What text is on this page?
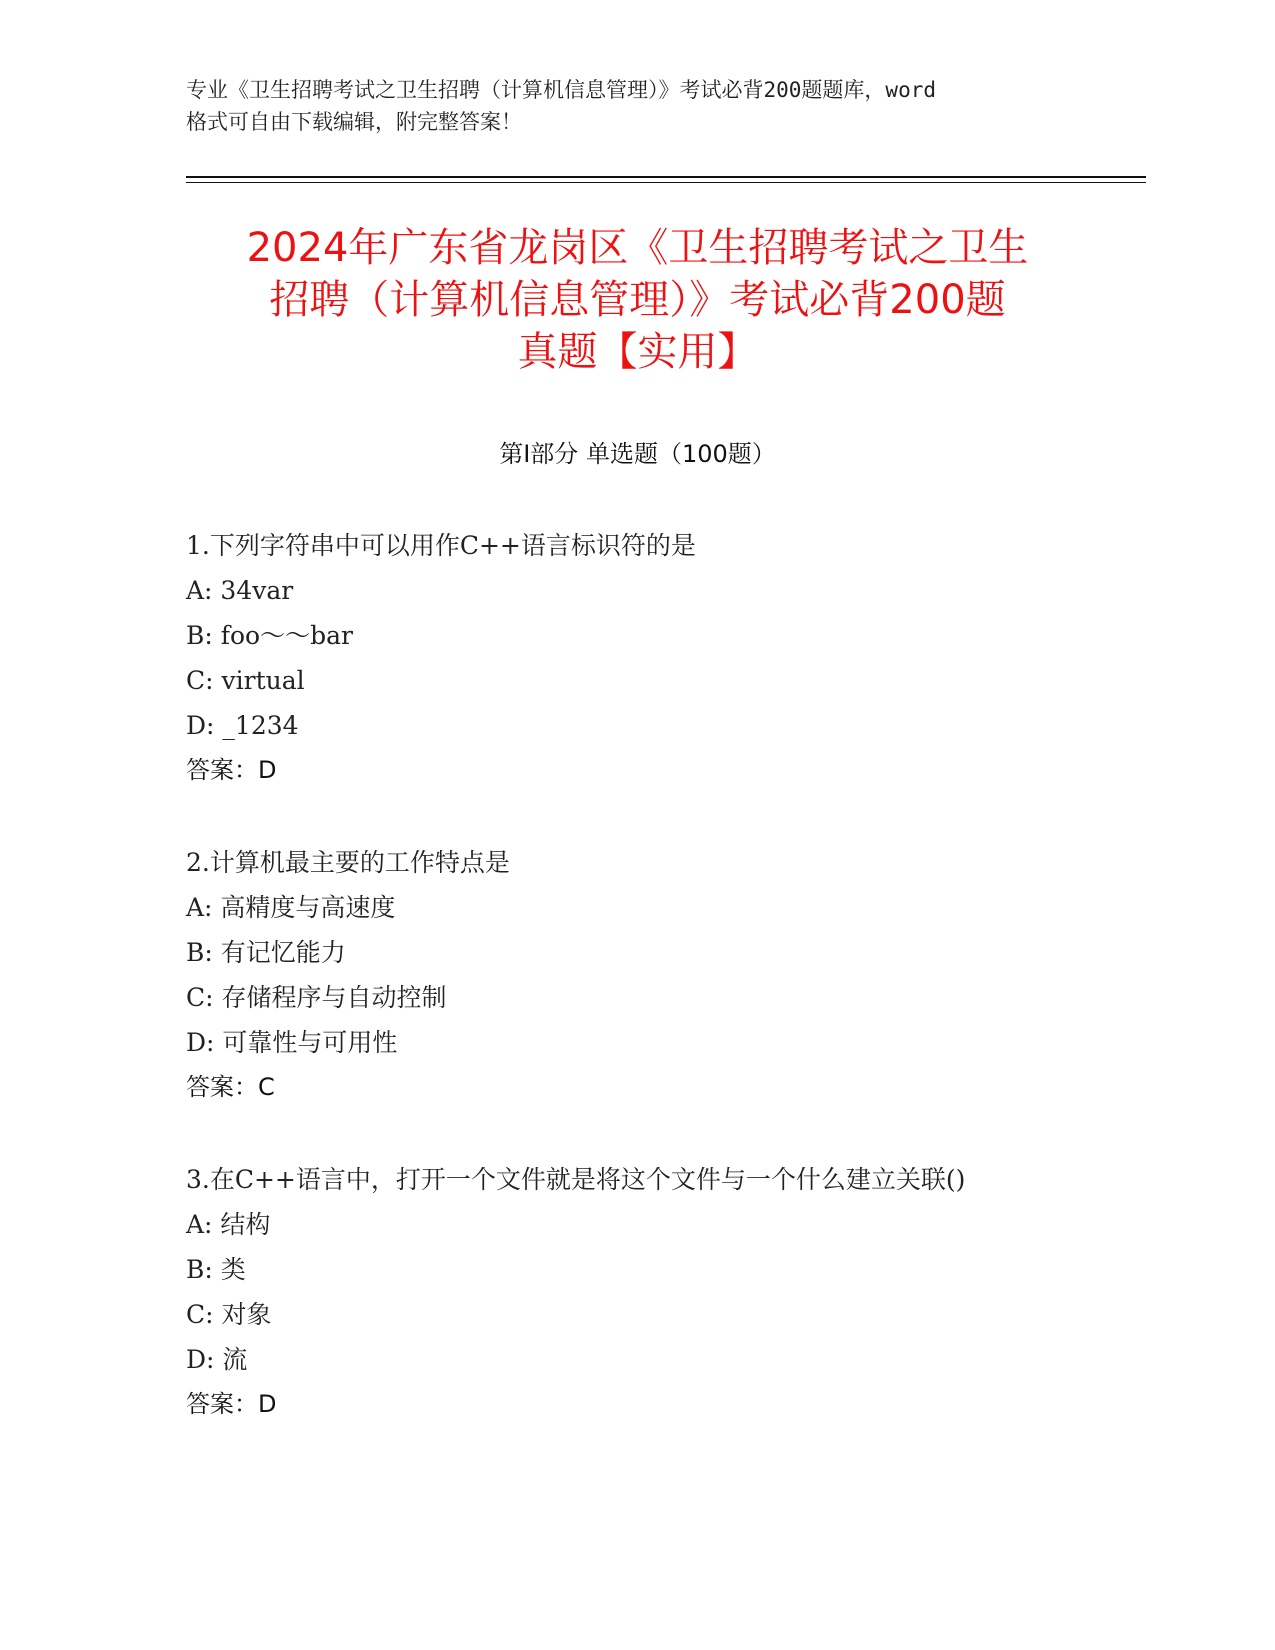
专业《卫生招聘考试之卫生招聘（计算机信息管理）》考试必背200题题库，word
格式可自由下载编辑，附完整答案！
2024年广东省龙岗区《卫生招聘考试之卫生
招聘（计算机信息管理）》考试必背200题
真题【实用】
第Ⅰ部分 单选题（100题）
1.下列字符串中可以用作C++语言标识符的是
A: 34var
B: foo～～bar
C: virtual
D: _1234
答案：D
2.计算机最主要的工作特点是
A: 高精度与高速度
B: 有记忆能力
C: 存储程序与自动控制
D: 可靠性与可用性
答案：C
3.在C++语言中，打开一个文件就是将这个文件与一个什么建立关联()
A: 结构
B: 类
C: 对象
D: 流
答案：D
